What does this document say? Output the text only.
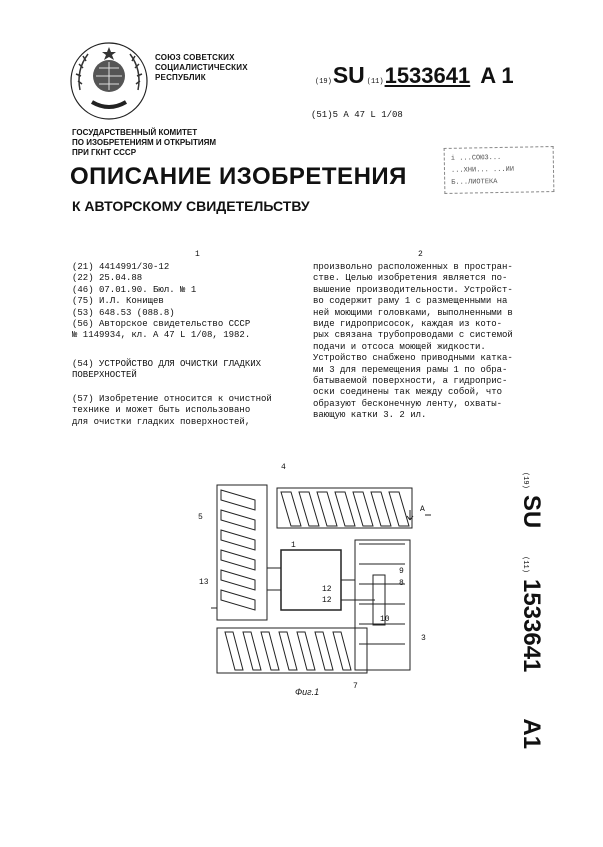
СОЮЗ СОВЕТСКИХ
СОЦИАЛИСТИЧЕСКИХ
РЕСПУБЛИК	(19) SU (11) 1533641 A 1
(51)5 A 47 L 1/08
ГОСУДАРСТВЕННЫЙ КОМИТЕТ
ПО ИЗОБРЕТЕНИЯМ И ОТКРЫТИЯМ
ПРИ ГКНТ СССР
i ...СОЮЗ...
...ХНИ... ...ИИ
Б...ЛИОТЕКА
ОПИСАНИЕ ИЗОБРЕТЕНИЯ
К АВТОРСКОМУ СВИДЕТЕЛЬСТВУ
1	2
(21) 4414991/30-12
(22) 25.04.88
(46) 07.01.90. Бюл. № 1
(75) И.Л. Конищев
(53) 648.53 (088.8)
(56) Авторское свидетельство СССР
№ 1149934, кл. А 47 L 1/08, 1982.
(54) УСТРОЙСТВО ДЛЯ ОЧИСТКИ ГЛАДКИХ
ПОВЕРХНОСТЕЙ
(57) Изобретение относится к очистной
технике и может быть использовано
для очистки гладких поверхностей,
произвольно расположенных в простран-
стве. Целью изобретения является по-
вышение производительности. Устройст-
во содержит раму 1 с размещенными на
ней моющими головками, выполненными в
виде гидроприсосок, каждая из кото-
рых связана трубопроводами с системой
подачи и отсоса моющей жидкости.
Устройство снабжено приводными катка-
ми 3 для перемещения рамы 1 по обра-
батываемой поверхности, а гидроприс-
оски соединены так между собой, что
образуют бесконечную ленту, охваты-
вающую катки 3. 2 ил.
(19)
SU
(11)
1533641
A1
4
5
A
1
13
12
12
9
8
10
3
7
Фиг.1
